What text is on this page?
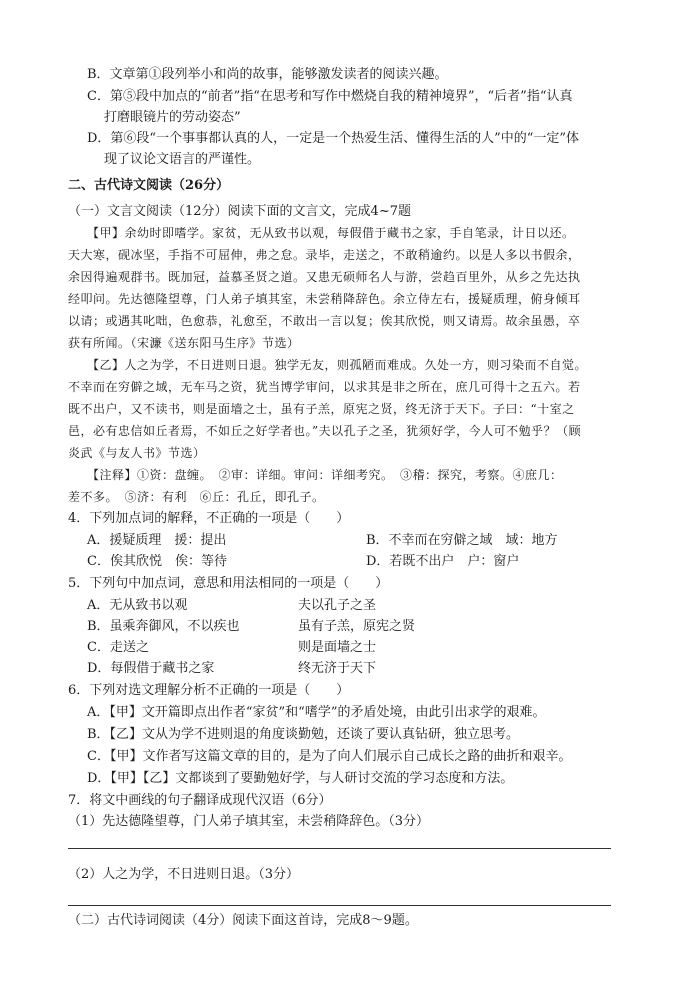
B．文章第①段列举小和尚的故事，能够激发读者的阅读兴趣。
C．第⑤段中加点的“前者”指“在思考和写作中燃烧自我的精神境界”，“后者”指“认真
打磨眼镜片的劳动姿态”
D．第⑥段“一个事事都认真的人，一定是一个热爱生活、懂得生活的人”中的“一定”体
现了议论文语言的严谨性。
二、古代诗文阅读（26分）
（一）文言文阅读（12分）阅读下面的文言文，完成4~7题
【甲】余幼时即嗜学。家贫，无从致书以观，每假借于藏书之家，手自笔录，计日以还。
天大寒，砚冰坚，手指不可屈伸，弗之怠。录毕，走送之，不敢稍逾约。以是人多以书假余，
余因得遍观群书。既加冠，益慕圣贤之道。又患无硕师名人与游，尝趋百里外，从乡之先达执
经叩问。先达德隆望尊，门人弟子填其室，未尝稍降辞色。余立侍左右，援疑质理，俯身倾耳
以请；或遇其叱咄，色愈恭，礼愈至，不敢出一言以复；俟其欣悦，则又请焉。故余虽愚，卒
获有所闻。（宋濂《送东阳马生序》节选）
【乙】人之为学，不日进则日退。独学无友，则孤陋而难成。久处一方，则习染而不自觉。
不幸而在穷僻之域，无车马之资，犹当博学审问，以求其是非之所在，庶几可得十之五六。若
既不出户，又不读书，则是面墙之士，虽有子羔，原宪之贤，终无济于天下。子曰：“十室之
邑，必有忠信如丘者焉，不如丘之好学者也。”夫以孔子之圣，犹须好学，今人可不勉乎？（顾
炎武《与友人书》节选）
【注释】①资：盘缠。　②审：详细。审问：详细考究。　③稽：探究，考察。④庶几：
差不多。　⑤济：有利　⑥丘：孔丘，即孔子。
4．下列加点词的解释，不正确的一项是（　　）
A．援疑质理　援：提出	B．不幸而在穷僻之域　域：地方
C．俟其欣悦　俟：等待	D．若既不出户　户：窗户
5．下列句中加点词，意思和用法相同的一项是（　　）
A．无从致书以观	夫以孔子之圣
B．虽乘奔御风，不以疾也	虽有子羔，原宪之贤
C．走送之	则是面墙之士
D．每假借于藏书之家	终无济于天下
6．下列对选文理解分析不正确的一项是（　　）
A．【甲】文开篇即点出作者“家贫”和“嗜学”的矛盾处境，由此引出求学的艰难。
B．【乙】文从为学不进则退的角度谈勤勉，还谈了要认真钻研，独立思考。
C．【甲】文作者写这篇文章的目的，是为了向人们展示自己成长之路的曲折和艰辛。
D．【甲】【乙】文都谈到了要勤勉好学，与人研讨交流的学习态度和方法。
7．将文中画线的句子翻译成现代汉语（6分）
（1）先达德隆望尊，门人弟子填其室，未尝稍降辞色。（3分）
（2）人之为学，不日进则日退。（3分）
（二）古代诗词阅读（4分）阅读下面这首诗，完成8～9题。
